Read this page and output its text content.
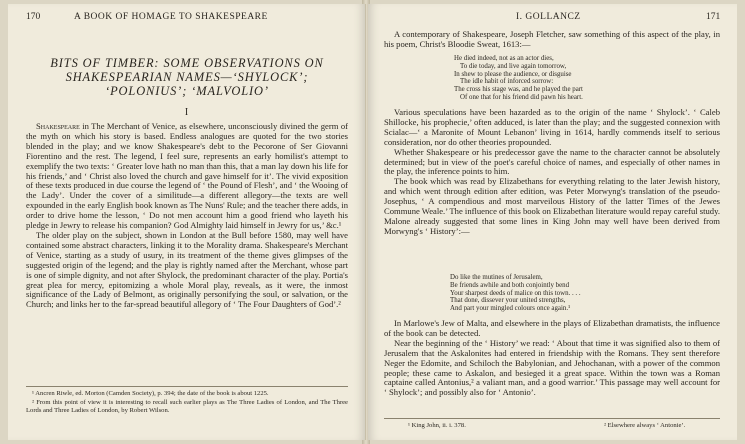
170	A BOOK OF HOMAGE TO SHAKESPEARE
BITS OF TIMBER: SOME OBSERVATIONS ON SHAKESPEARIAN NAMES—‘SHYLOCK’; ‘POLONIUS’; ‘MALVOLIO’
I

Shakespeare in The Merchant of Venice, as elsewhere, unconsciously divined the germ of the myth on which his story is based. Endless analogues are quoted for the two stories blended in the play; and we know Shakespeare's debt to the Pecorone of Ser Giovanni Fiorentino and the rest. The legend, I feel sure, represents an early homilist's attempt to exemplify the two texts: ‘ Greater love hath no man than this, that a man lay down his life for his friends,’ and ‘ Christ also loved the church and gave himself for it’. The vivid exposition of these texts produced in due course the legend of ‘ the Pound of Flesh’, and ‘ the Wooing of the Lady’. Under the cover of a similitude—a different allegory—the texts are well expounded in the early English book known as The Nuns' Rule; and the teacher there adds, in order to drive home the lesson, ‘ Do not men account him a good friend who layeth his pledge in Jewry to release his companion? God Almighty laid himself in Jewry for us,’ &c.¹

The older play on the subject, shown in London at the Bull before 1580, may well have contained some abstract characters, linking it to the Morality drama. Shakespeare's Merchant of Venice, starting as a study of usury, in its treatment of the theme gives glimpses of the suggested origin of the legend; and the play is rightly named after the Merchant, whose part is one of simple dignity, and not after Shylock, the predominant character of the play. Portia's great plea for mercy, epitomizing a whole Moral play, reveals, as it were, the inmost significance of the Lady of Belmont, as originally personifying the soul, or salvation, or the Church; and links her to the far-spread beautiful allegory of ‘ The Four Daughters of God’.²

¹ Ancren Riwle, ed. Morton (Camden Society), p. 394; the date of the book is about 1225.

² From this point of view it is interesting to recall such earlier plays as The Three Ladies of London, and The Three Lords and Three Ladies of London, by Robert Wilson.

I. GOLLANCZ	171

A contemporary of Shakespeare, Joseph Fletcher, saw something of this aspect of the play, in his poem, Christ's Bloodie Sweat, 1613:—

He died indeed, not as an actor dies,
To die today, and live again tomorrow,
In shew to please the audience, or disguise
The idle habit of inforced sorrow:
The cross his stage was, and he played the part
Of one that for his friend did pawn his heart.

Various speculations have been hazarded as to the origin of the name ‘ Shylock’. ‘ Caleb Shillocke, his prophecie,’ often adduced, is later than the play; and the suggested connexion with Scialac—‘ a Maronite of Mount Lebanon’ living in 1614, hardly commends itself to serious consideration, nor do other theories propounded.

Whether Shakespeare or his predecessor gave the name to the character cannot be absolutely determined; but in view of the poet's careful choice of names, and especially of other names in the play, the inference points to him.

The book which was read by Elizabethans for everything relating to the later Jewish history, and which went through edition after edition, was Peter Morwyng's translation of the pseudo-Josephus, ‘ A compendious and most marveilous History of the latter Times of the Jewes Commune Weale.’ The influence of this book on Elizabethan literature would repay careful study. Malone already suggested that some lines in King John may well have been derived from Morwyng's ‘ History’:—

Do like the mutines of Jerusalem,
Be friends awhile and both conjointly bend
Your sharpest deeds of malice on this town. . . .
That done, dissever your united strengths,
And part your mingled colours once again.¹

In Marlowe's Jew of Malta, and elsewhere in the plays of Elizabethan dramatists, the influence of the book can be detected.

Near the beginning of the ‘ History’ we read: ‘ About that time it was signified also to them of Jerusalem that the Askalonites had entered in friendship with the Romans. They sent therefore Neger the Edomite, and Schiloch the Babylonian, and Jehochanan, with a power of the common people; these came to Askalon, and besieged it a great space. Within the town was a Roman captaine called Antonius,² a valiant man, and a good warrior.’ This passage may well account for ‘ Shylock’; and possibly also for ‘ Antonio’.

¹ King John, ii. i. 378.	² Elsewhere always ‘ Antonie’.
